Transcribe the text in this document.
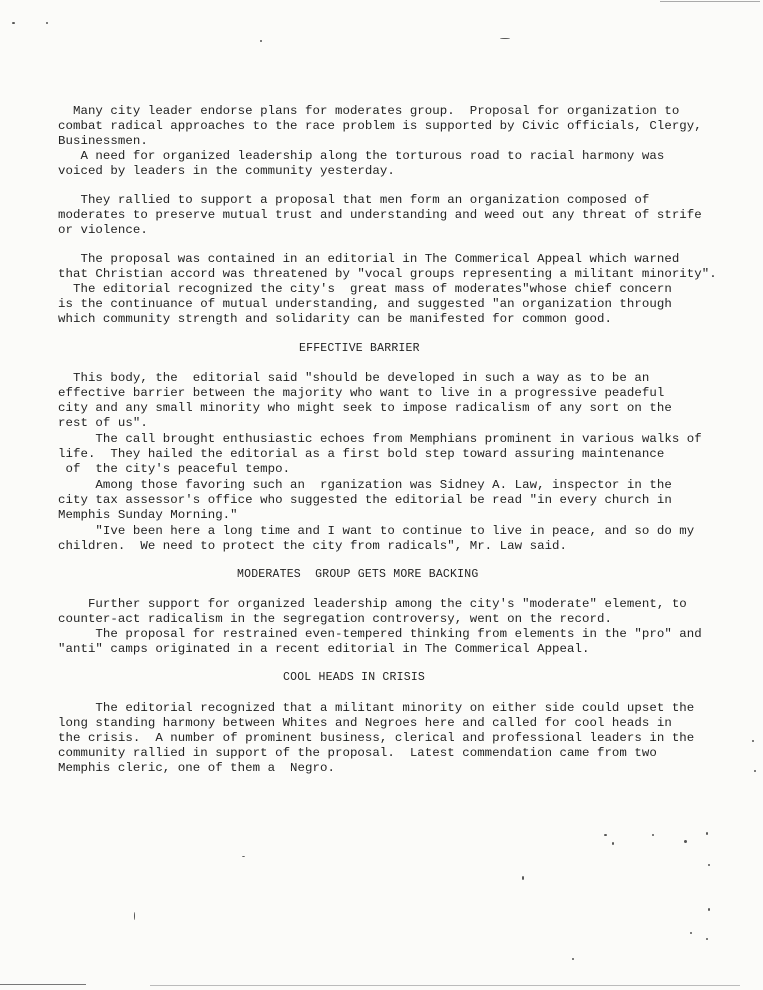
Many city leader endorse plans for moderates group.  Proposal for organization to
combat radical approaches to the race problem is supported by Civic officials, Clergy,
Businessmen.
A need for organized leadership along the torturous road to racial harmony was
voiced by leaders in the community yesterday.
They rallied to support a proposal that men form an organization composed of
moderates to preserve mutual trust and understanding and weed out any threat of strife
or violence.
The proposal was contained in an editorial in The Commerical Appeal which warned
that Christian accord was threatened by "vocal groups representing a militant minority".
The editorial recognized the city's  great mass of moderates"whose chief concern
is the continuance of mutual understanding, and suggested "an organization through
which community strength and solidarity can be manifested for common good.
EFFECTIVE BARRIER
This body, the  editorial said "should be developed in such a way as to be an
effective barrier between the majority who want to live in a progressive peadeful
city and any small minority who might seek to impose radicalism of any sort on the
rest of us".
The call brought enthusiastic echoes from Memphians prominent in various walks of
life.  They hailed the editorial as a first bold step toward assuring maintenance
of  the city's peaceful tempo.
Among those favoring such an  rganization was Sidney A. Law, inspector in the
city tax assessor's office who suggested the editorial be read "in every church in
Memphis Sunday Morning."
"Ive been here a long time and I want to continue to live in peace, and so do my
children.  We need to protect the city from radicals", Mr. Law said.
MODERATES  GROUP GETS MORE BACKING
Further support for organized leadership among the city's "moderate" element, to
counter-act radicalism in the segregation controversy, went on the record.
The proposal for restrained even-tempered thinking from elements in the "pro" and
"anti" camps originated in a recent editorial in The Commerical Appeal.
COOL HEADS IN CRISIS
The editorial recognized that a militant minority on either side could upset the
long standing harmony between Whites and Negroes here and called for cool heads in
the crisis.  A number of prominent business, clerical and professional leaders in the
community rallied in support of the proposal.  Latest commendation came from two
Memphis cleric, one of them a  Negro.
